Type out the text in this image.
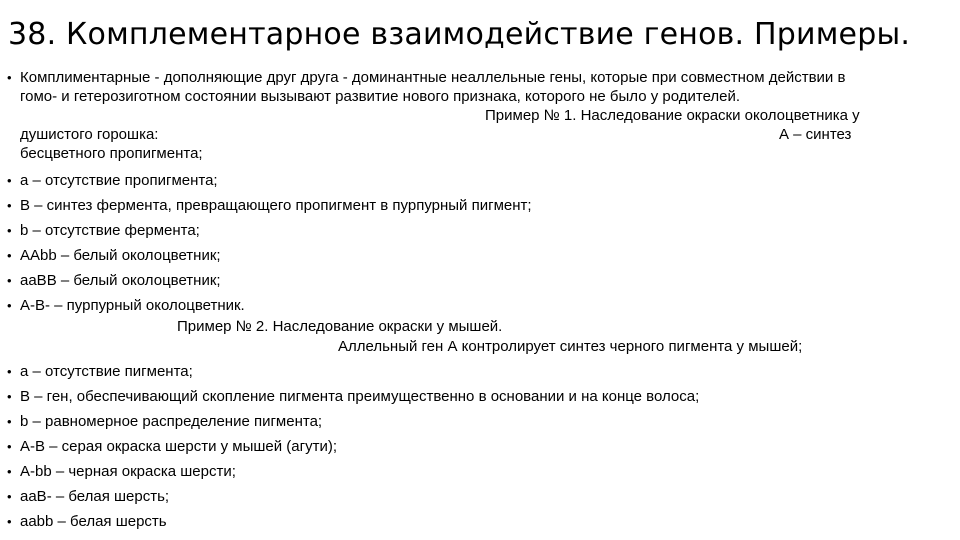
38. Комплементарное взаимодействие генов. Примеры.
• Комплиментарные - дополняющие друг друга - доминантные неаллельные гены, которые при совместном действии в
гомо- и гетерозиготном состоянии вызывают развитие нового признака, которого не было у родителей.
Пример № 1. Наследование окраски околоцветника у
душистого горошка:	А – синтез
бесцветного пропигмента;
• а – отсутствие пропигмента;
• В – синтез фермента, превращающего пропигмент в пурпурный пигмент;
• b – отсутствие фермента;
• ААbb – белый околоцветник;
• ааВВ – белый околоцветник;
• А-В- – пурпурный околоцветник.
Пример № 2. Наследование окраски у мышей.
Аллельный ген А контролирует синтез черного пигмента у мышей;
• а – отсутствие пигмента;
• В – ген, обеспечивающий скопление пигмента преимущественно в основании и на конце волоса;
• b – равномерное распределение пигмента;
• А-В – серая окраска шерсти у мышей (агути);
• А-bb – черная окраска шерсти;
• ааВ- – белая шерсть;
• ааbb – белая шерсть
